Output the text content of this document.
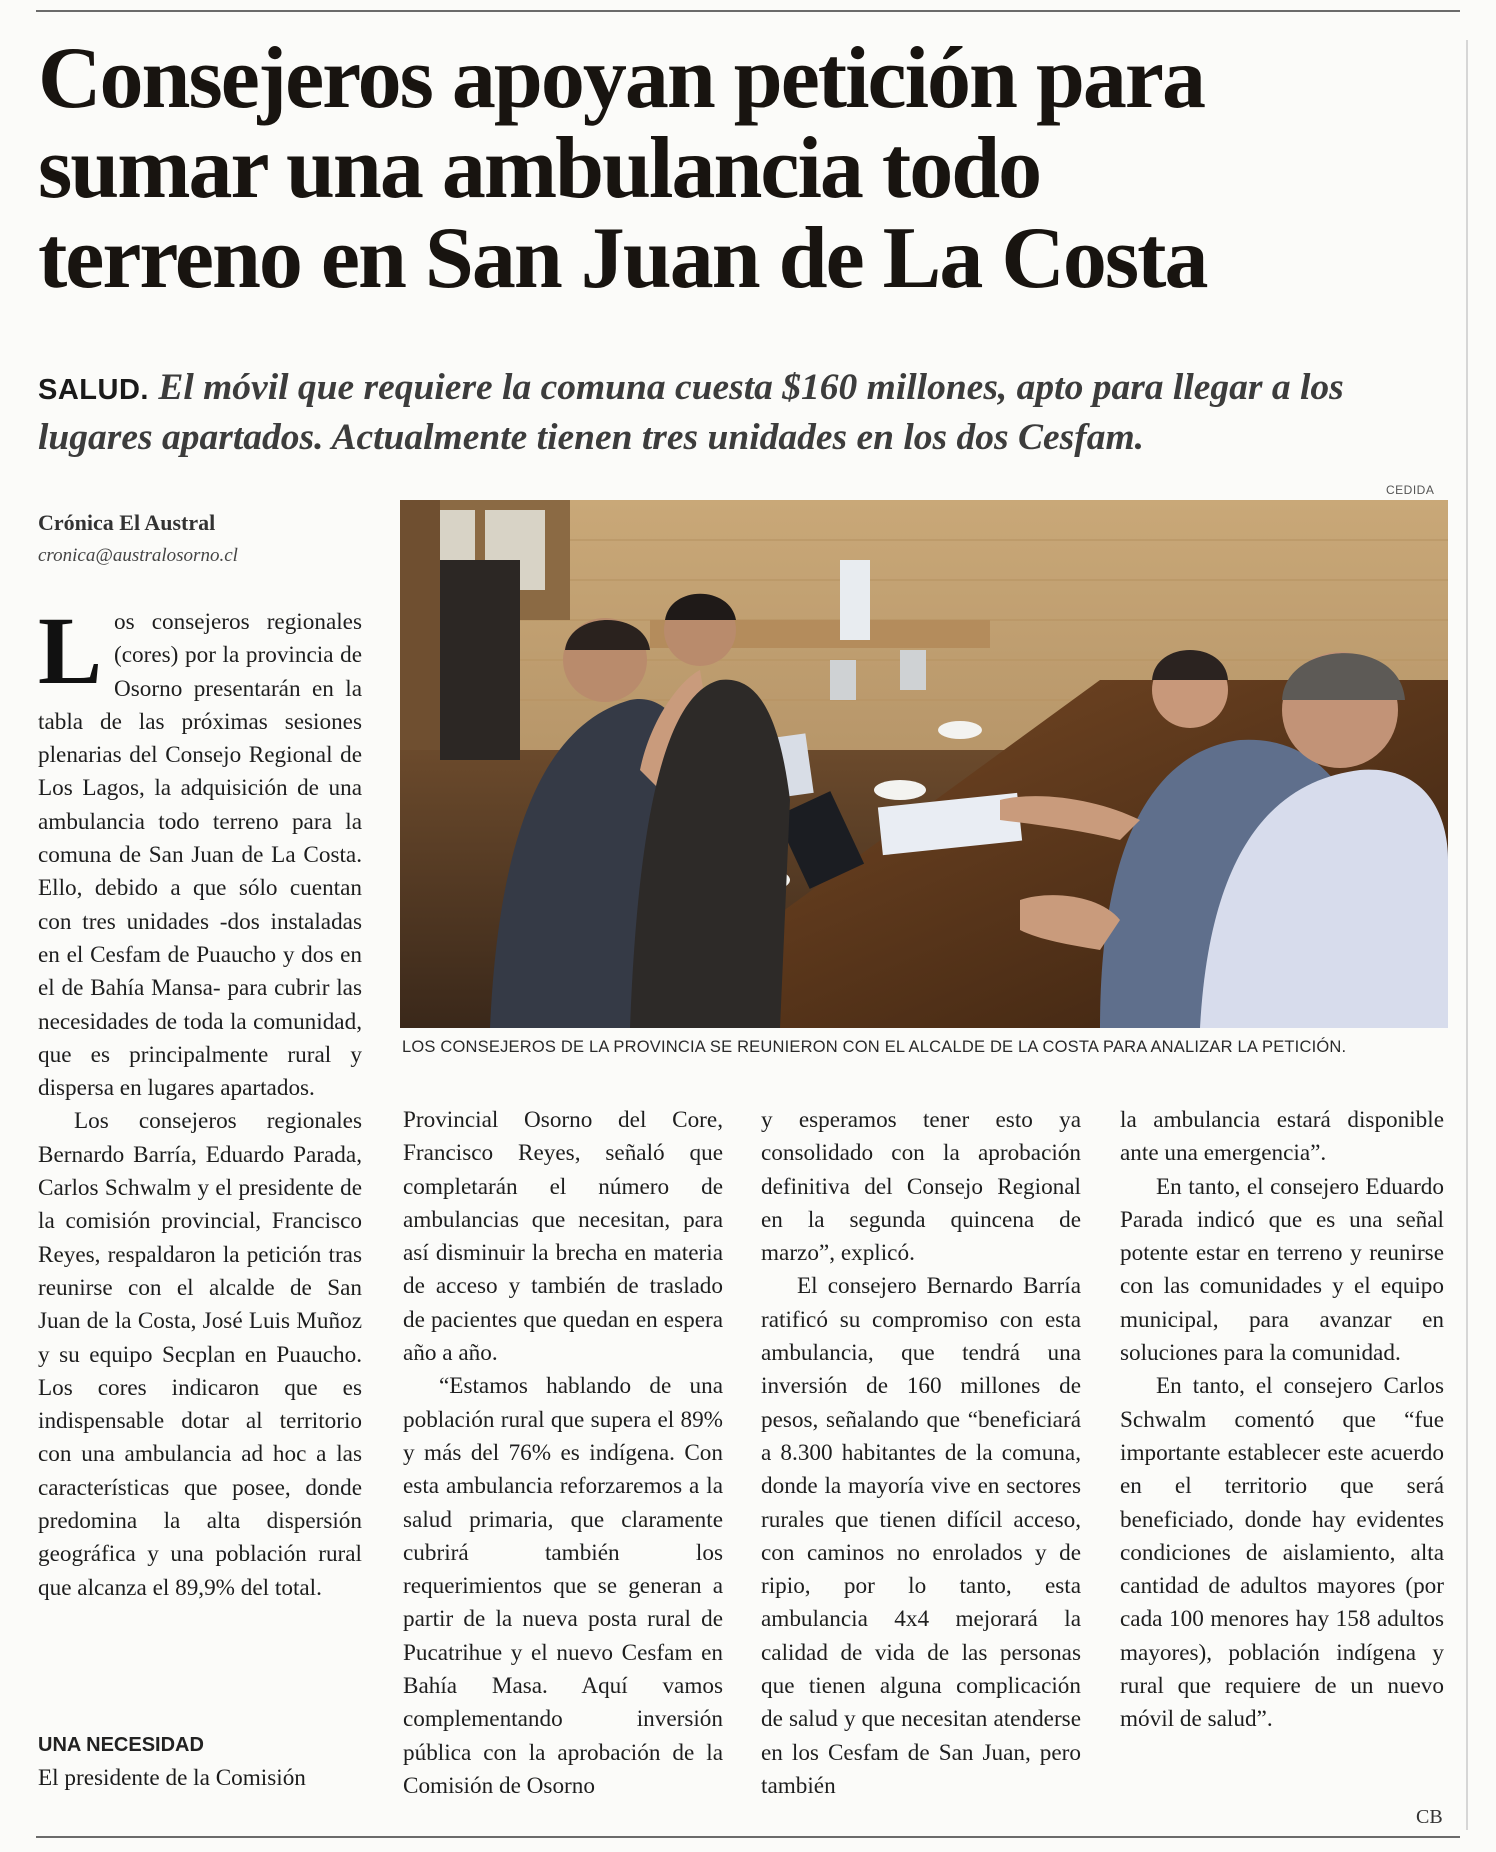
Consejeros apoyan petición para
sumar una ambulancia todo
terreno en San Juan de La Costa
SALUD. El móvil que requiere la comuna cuesta $160 millones, apto para llegar a los lugares apartados. Actualmente tienen tres unidades en los dos Cesfam.
Crónica El Austral
cronica@australosorno.cl

Los consejeros regionales (cores) por la provincia de Osorno presentarán en la tabla de las próximas sesiones plenarias del Consejo Regional de Los Lagos, la adquisición de una ambulancia todo terreno para la comuna de San Juan de La Costa. Ello, debido a que sólo cuentan con tres unidades -dos instaladas en el Cesfam de Puaucho y dos en el de Bahía Mansa- para cubrir las necesidades de toda la comunidad, que es principalmente rural y dispersa en lugares apartados.

Los consejeros regionales Bernardo Barría, Eduardo Parada, Carlos Schwalm y el presidente de la comisión provincial, Francisco Reyes, respaldaron la petición tras reunirse con el alcalde de San Juan de la Costa, José Luis Muñoz y su equipo Secplan en Puaucho. Los cores indicaron que es indispensable dotar al territorio con una ambulancia ad hoc a las características que posee, donde predomina la alta dispersión geográfica y una población rural que alcanza el 89,9% del total.

UNA NECESIDAD
El presidente de la Comisión
CEDIDA
LOS CONSEJEROS DE LA PROVINCIA SE REUNIERON CON EL ALCALDE DE LA COSTA PARA ANALIZAR LA PETICIÓN.

Provincial Osorno del Core, Francisco Reyes, señaló que completarán el número de ambulancias que necesitan, para así disminuir la brecha en materia de acceso y también de traslado de pacientes que quedan en espera año a año.

“Estamos hablando de una población rural que supera el 89% y más del 76% es indígena. Con esta ambulancia reforzaremos a la salud primaria, que claramente cubrirá también los requerimientos que se generan a partir de la nueva posta rural de Pucatrihue y el nuevo Cesfam en Bahía Masa. Aquí vamos complementando inversión pública con la aprobación de la Comisión de Osorno

y esperamos tener esto ya consolidado con la aprobación definitiva del Consejo Regional en la segunda quincena de marzo”, explicó.

El consejero Bernardo Barría ratificó su compromiso con esta ambulancia, que tendrá una inversión de 160 millones de pesos, señalando que “beneficiará a 8.300 habitantes de la comuna, donde la mayoría vive en sectores rurales que tienen difícil acceso, con caminos no enrolados y de ripio, por lo tanto, esta ambulancia 4x4 mejorará la calidad de vida de las personas que tienen alguna complicación de salud y que necesitan atenderse en los Cesfam de San Juan, pero también

la ambulancia estará disponible ante una emergencia”.

En tanto, el consejero Eduardo Parada indicó que es una señal potente estar en terreno y reunirse con las comunidades y el equipo municipal, para avanzar en soluciones para la comunidad.

En tanto, el consejero Carlos Schwalm comentó que “fue importante establecer este acuerdo en el territorio que será beneficiado, donde hay evidentes condiciones de aislamiento, alta cantidad de adultos mayores (por cada 100 menores hay 158 adultos mayores), población indígena y rural que requiere de un nuevo móvil de salud”.

CB
